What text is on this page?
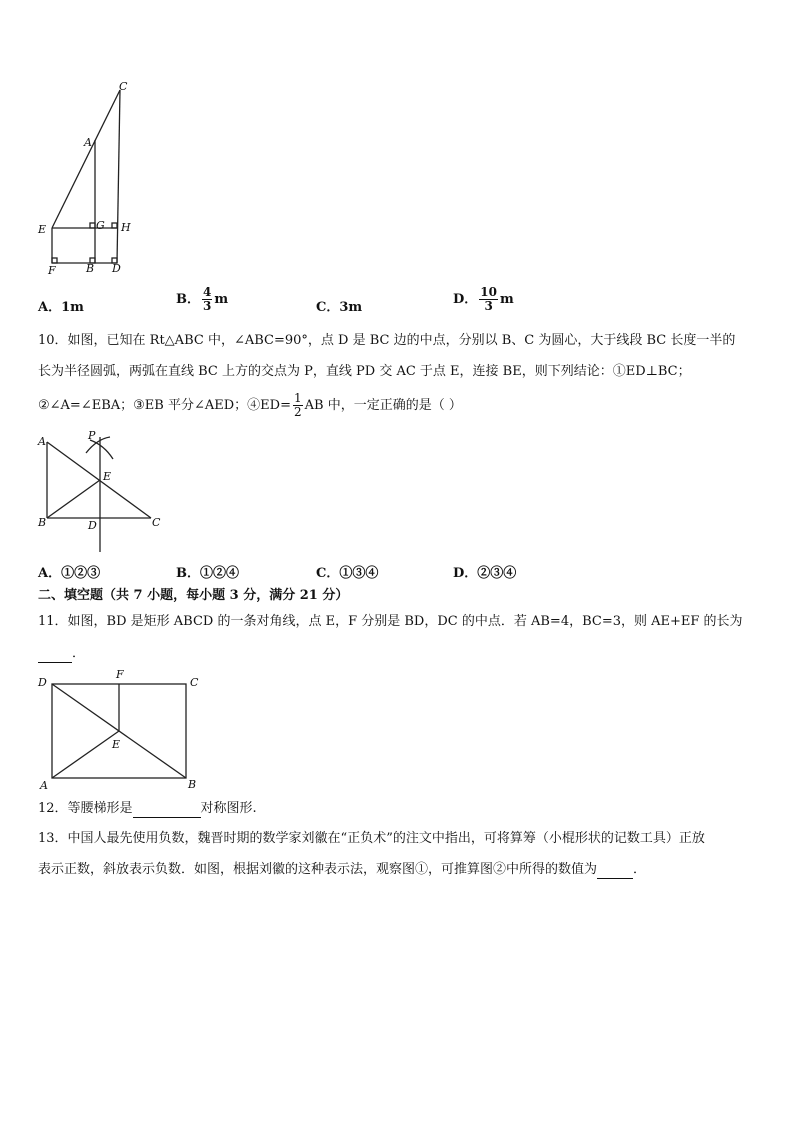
C
A
E	G H
F	B D
A．1m
B． $\frac{4}{3}$ m
C．3m
D． $\frac{10}{3}$ m
10．如图，已知在 Rt△ABC 中，∠ABC=90°，点 D 是 BC 边的中点，分别以 B、C 为圆心，大于线段 BC 长度一半的
长为半径圆弧，两弧在直线 BC 上方的交点为 P，直线 PD 交 AC 于点 E，连接 BE，则下列结论：①ED⊥BC；
②∠A=∠EBA；③EB 平分∠AED；④ED= $\frac{1}{2}$ AB 中，一定正确的是（ ）
A	P
E
B	D	C
A．①②③	B．①②④	C．①③④	D．②③④
二、填空题（共 7 小题，每小题 3 分，满分 21 分）
11．如图，BD 是矩形 ABCD 的一条对角线，点 E，F 分别是 BD，DC 的中点．若 AB=4，BC=3，则 AE+EF 的长为
．
D
F
C
E
A	B
12．等腰梯形是	对称图形.
13．中国人最先使用负数，魏晋时期的数学家刘徽在“正负术”的注文中指出，可将算筹（小棍形状的记数工具）正放
表示正数，斜放表示负数．如图，根据刘徽的这种表示法，观察图①，可推算图②中所得的数值为	．
